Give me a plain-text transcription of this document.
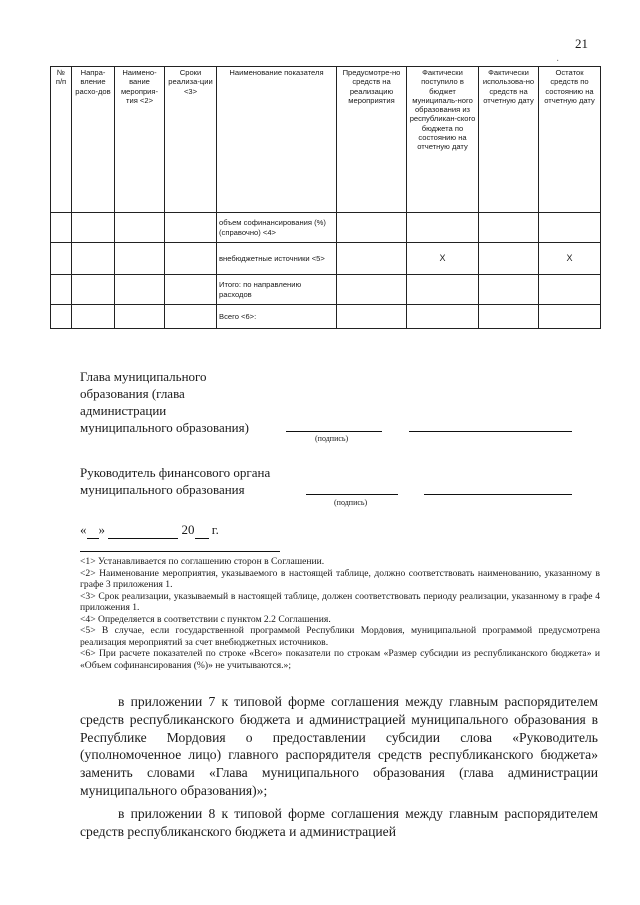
21
·
№ п/п	Напра-вление расхо-дов	Наимено-вание мероприя-тия <2>	Сроки реализа-ции <3>	Наименование показателя	Предусмотре-но средств на реализацию мероприятия	Фактически поступило в бюджет муниципаль-ного образования из республикан-ского бюджета по состоянию на отчетную дату	Фактически использова-но средств на отчетную дату	Остаток средств по состоянию на отчетную дату
				объем софинансирования (%) (справочно) <4>				
				внебюджетные источники <5>		X		X
				Итого: по направлению расходов				
				Всего <6>:				
Глава муниципального
образования (глава
администрации
муниципального образования)
(подпись)
Руководитель финансового органа
муниципального образования
(подпись)
« »	20 г.

<1> Устанавливается по соглашению сторон в Соглашении.

<2> Наименование мероприятия, указываемого в настоящей таблице, должно соответствовать наименованию, указанному в графе 3 приложения 1.

<3> Срок реализации, указываемый в настоящей таблице, должен соответствовать периоду реализации, указанному в графе 4 приложения 1.

<4> Определяется в соответствии с пунктом 2.2 Соглашения.

<5> В случае, если государственной программой Республики Мордовия, муниципальной программой предусмотрена реализация мероприятий за счет внебюджетных источников.

<6> При расчете показателей по строке «Всего» показатели по строкам «Размер субсидии из республиканского бюджета» и «Объем софинансирования (%)» не учитываются.»;

в приложении 7 к типовой форме соглашения между главным распорядителем средств республиканского бюджета и администрацией муниципального образования в Республике Мордовия о предоставлении субсидии слова «Руководитель (уполномоченное лицо) главного распорядителя средств республиканского бюджета» заменить словами «Глава муниципального образования (глава администрации муниципального образования)»;

в приложении 8 к типовой форме соглашения между главным распорядителем средств республиканского бюджета и администрацией
